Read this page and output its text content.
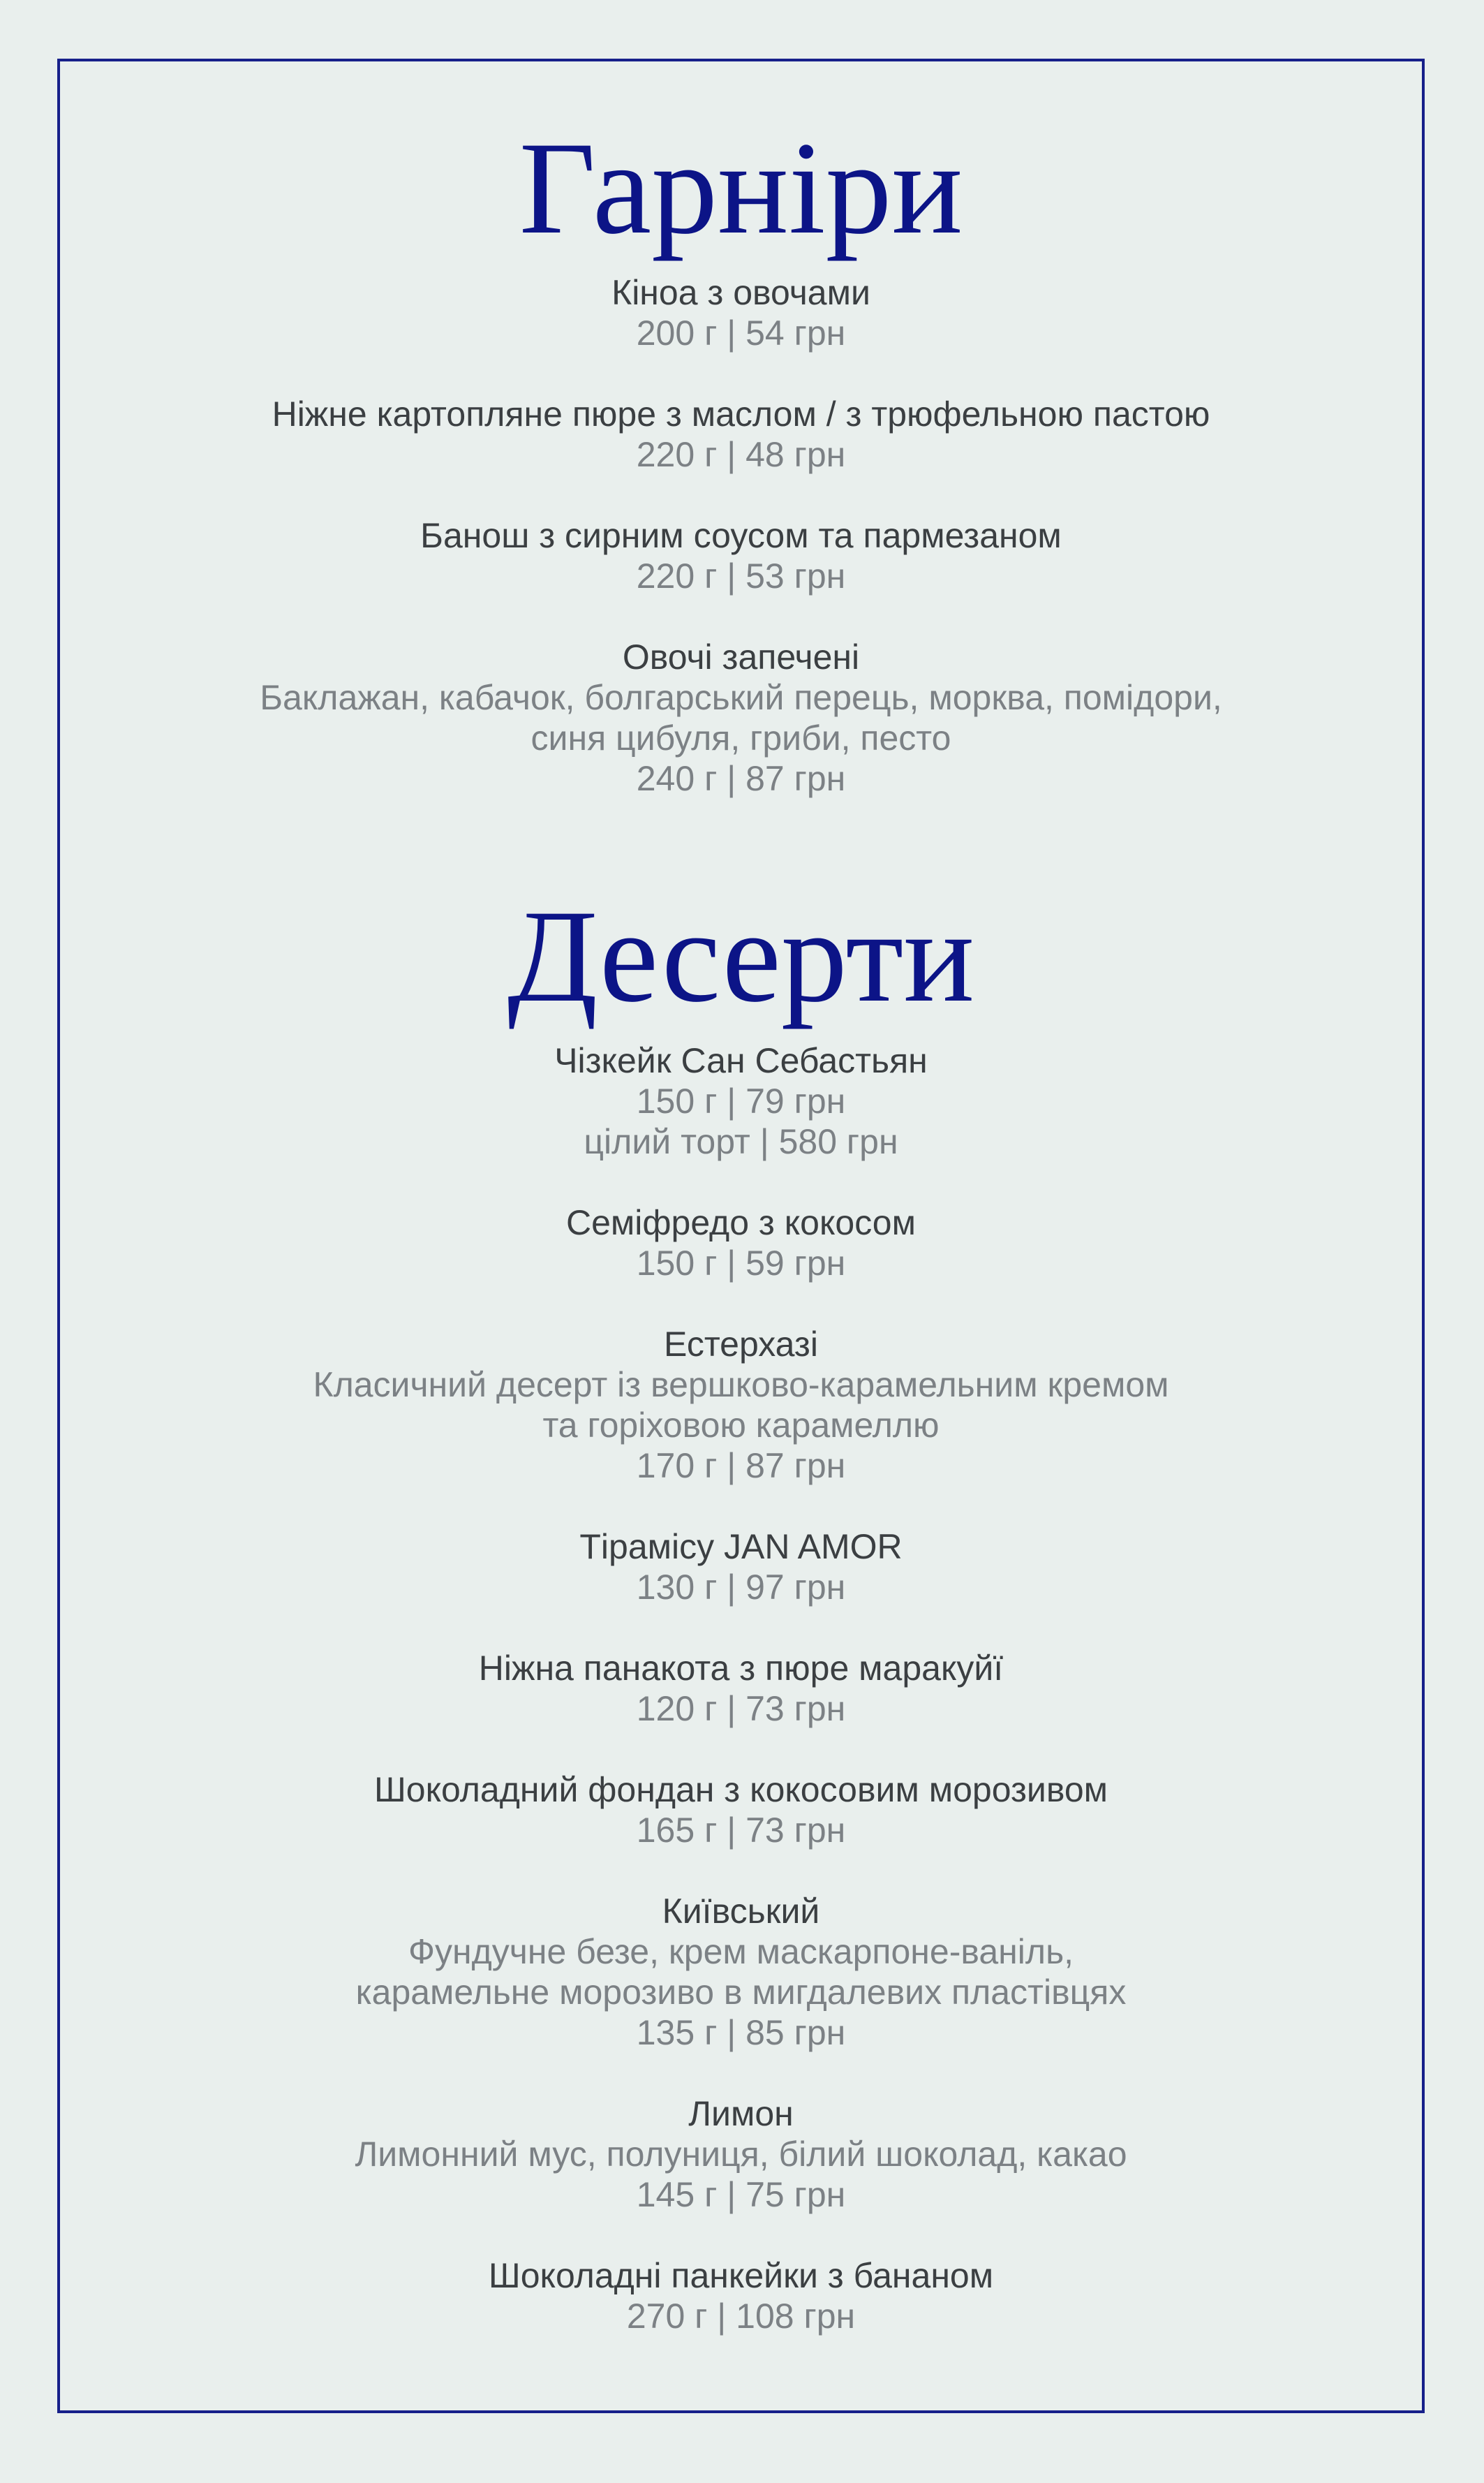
Гарніри
Кіноа з овочами
200 г | 54 грн
Ніжне картопляне пюре з маслом / з трюфельною пастою
220 г | 48 грн
Банош з сирним соусом та пармезаном
220 г | 53 грн
Овочі запечені
Баклажан, кабачок, болгарський перець, морква, помідори,
синя цибуля, гриби, песто
240 г | 87 грн
Десерти
Чізкейк Сан Себастьян
150 г | 79 грн
цілий торт | 580 грн
Семіфредо з кокосом
150 г | 59 грн
Естерхазі
Класичний десерт із вершково-карамельним кремом
та горіховою карамеллю
170 г | 87 грн
Тірамісу JAN AMOR
130 г | 97 грн
Ніжна панакота з пюре маракуйї
120 г | 73 грн
Шоколадний фондан з кокосовим морозивом
165 г | 73 грн
Київський
Фундучне безе, крем маскарпоне-ваніль,
карамельне морозиво в мигдалевих пластівцях
135 г | 85 грн
Лимон
Лимонний мус, полуниця, білий шоколад, какао
145 г | 75 грн
Шоколадні панкейки з бананом
270 г | 108 грн
